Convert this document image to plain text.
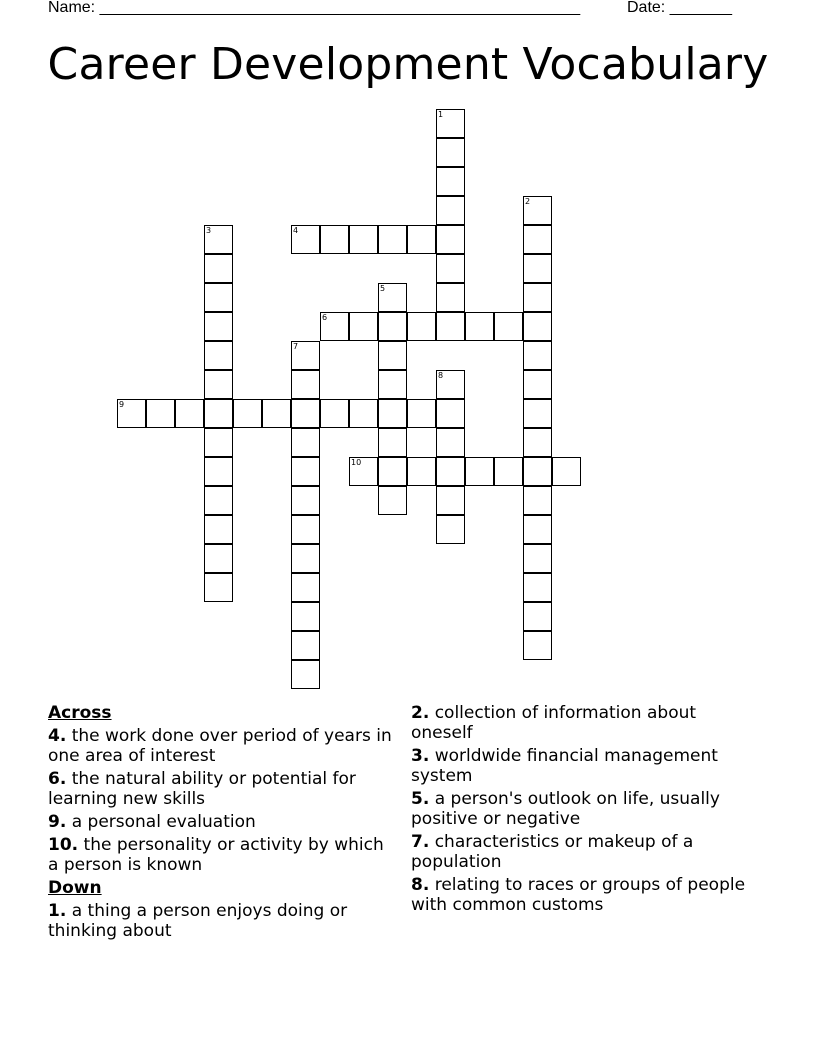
Name: ______________________________________________________	Date: _______
Career Development Vocabulary
1
2
3	4
5
6
7
8
9
10
Across
4. the work done over period of years in one area of interest
6. the natural ability or potential for learning new skills
9. a personal evaluation
10. the personality or activity by which a person is known
Down
1. a thing a person enjoys doing or thinking about
2. collection of information about oneself
3. worldwide financial management system
5. a person's outlook on life, usually positive or negative
7. characteristics or makeup of a population
8. relating to races or groups of people with common customs
